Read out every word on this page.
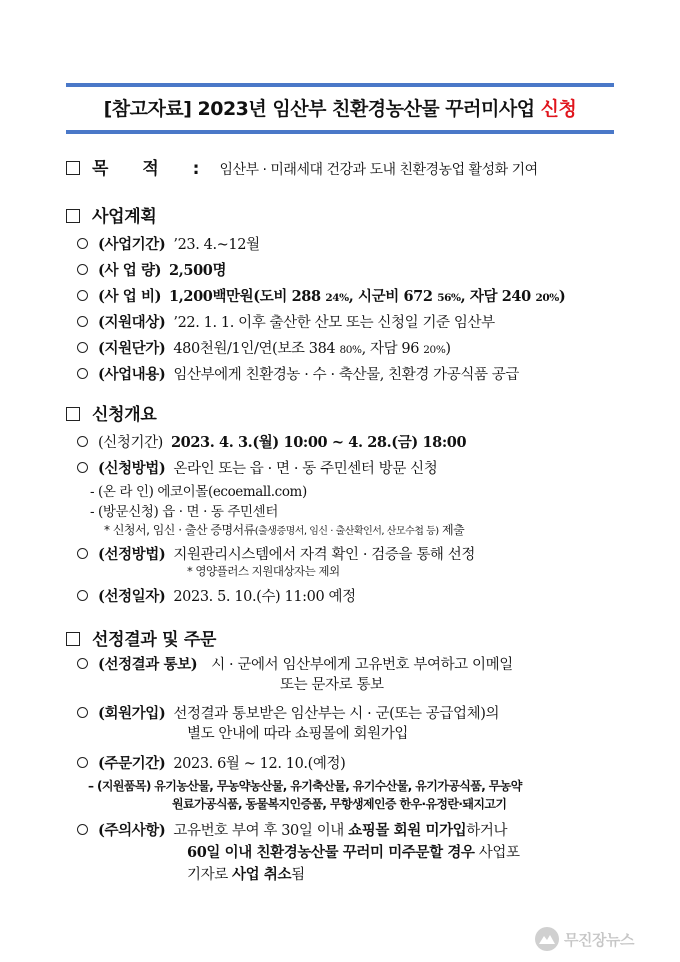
[참고자료] 2023년 임산부 친환경농산물 꾸러미사업 신청
목 적 : 임산부 · 미래세대 건강과 도내 친환경농업 활성화 기여
사업계획
(사업기간) ’23. 4.~12월
(사 업 량) 2,500명
(사 업 비) 1,200백만원(도비 288 24%, 시군비 672 56%, 자담 240 20%)
(지원대상) ’22. 1. 1. 이후 출산한 산모 또는 신청일 기준 임산부
(지원단가) 480천원/1인/연(보조 384 80%, 자담 96 20%)
(사업내용) 임산부에게 친환경농 · 수 · 축산물, 친환경 가공식품 공급
신청개요
(신청기간) 2023. 4. 3.(월) 10:00 ~ 4. 28.(금) 18:00
(신청방법) 온라인 또는 읍 · 면 · 동 주민센터 방문 신청
- (온 라 인) 에코이몰(ecoemall.com)
- (방문신청) 읍 · 면 · 동 주민센터
* 신청서, 임신 · 출산 증명서류(출생증명서, 임신 · 출산확인서, 산모수첩 등) 제출
(선정방법) 지원관리시스템에서 자격 확인 · 검증을 통해 선정
* 영양플러스 지원대상자는 제외
(선정일자) 2023. 5. 10.(수) 11:00 예정
선정결과 및 주문
(선정결과 통보) 시 · 군에서 임산부에게 고유번호 부여하고 이메일
또는 문자로 통보
(회원가입) 선정결과 통보받은 임산부는 시 · 군(또는 공급업체)의
별도 안내에 따라 쇼핑몰에 회원가입
(주문기간) 2023. 6월 ~ 12. 10.(예정)
– (지원품목) 유기농산물, 무농약농산물, 유기축산물, 유기수산물, 유기가공식품, 무농약
원료가공식품, 동물복지인증품, 무항생제인증 한우·유정란·돼지고기
(주의사항) 고유번호 부여 후 30일 이내 쇼핑몰 회원 미가입하거나
60일 이내 친환경농산물 꾸러미 미주문할 경우 사업포
기자로 사업 취소됨
무진장뉴스
